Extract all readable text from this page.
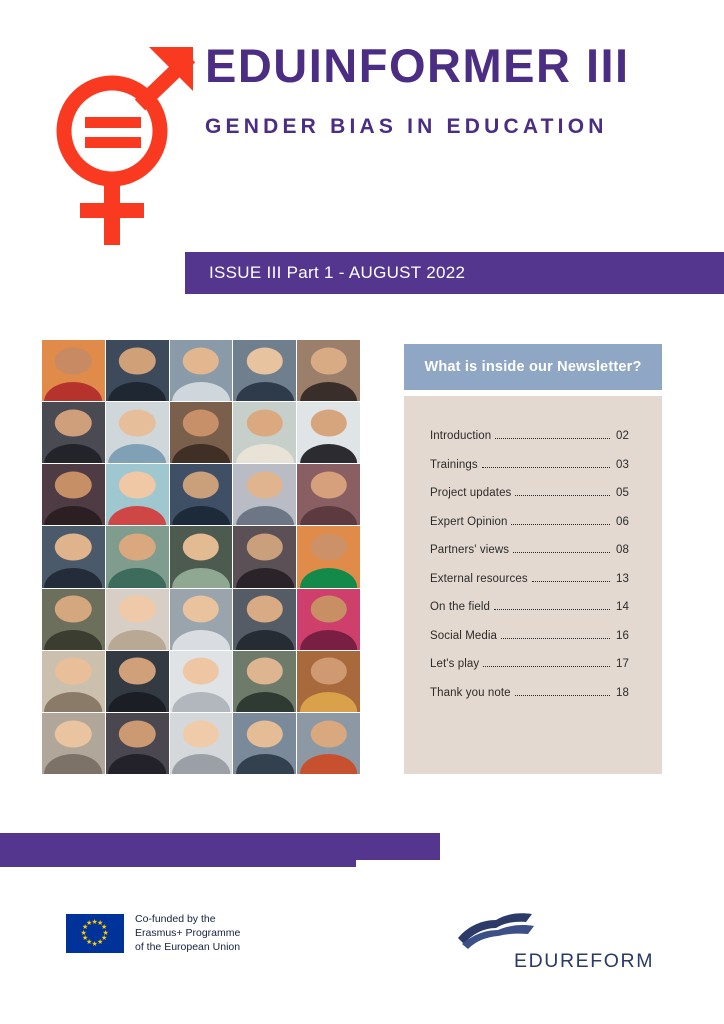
EDUINFORMER III
GENDER BIAS IN EDUCATION
ISSUE III Part 1 - AUGUST 2022
What is inside our Newsletter?
Introduction	02
Trainings	03
Project updates	05
Expert Opinion	06
Partners' views	08
External resources	13
On the field	14
Social Media	16
Let's play	17
Thank you note	18
★ ★
★
★
★
★
★
★
★
★
★
★	Co-funded by the
Erasmus+ Programme
of the European Union
EDUREFORM
